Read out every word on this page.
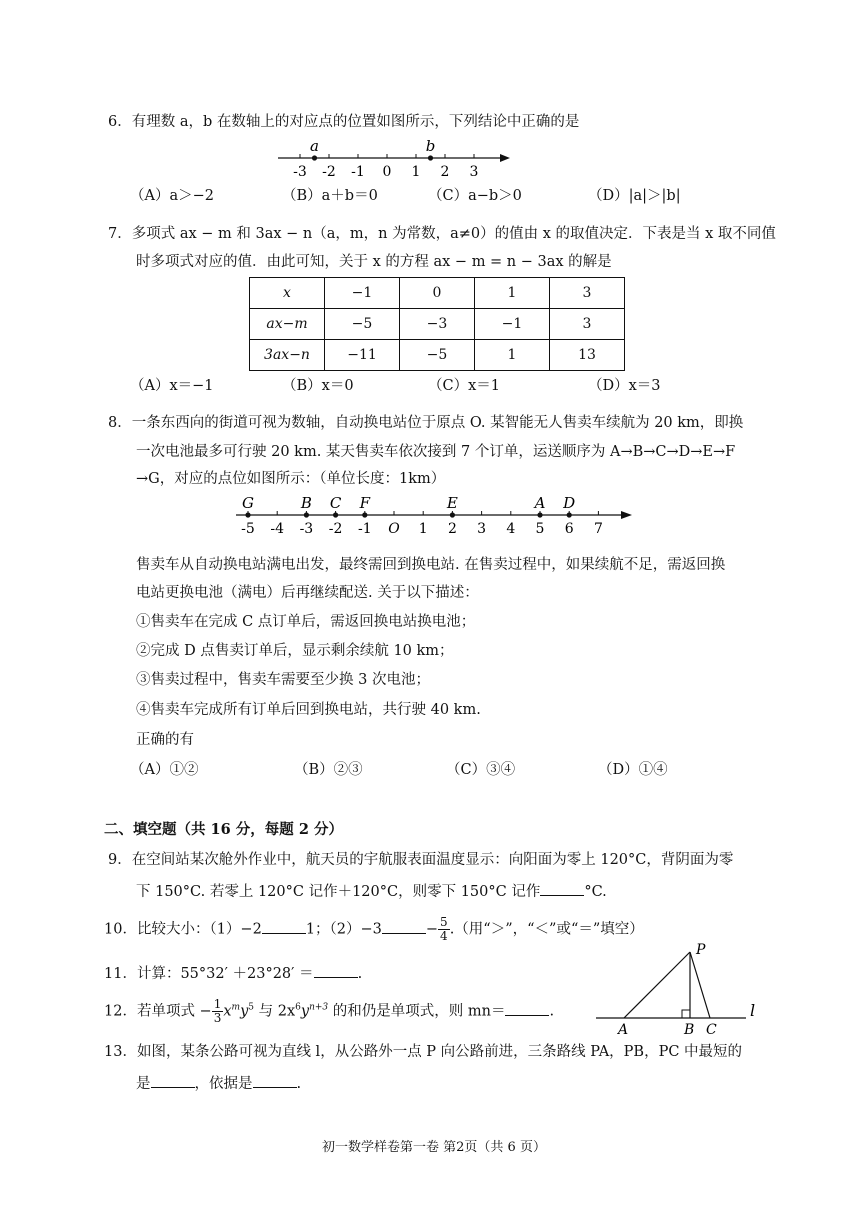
6．有理数 a，b 在数轴上的对应点的位置如图所示，下列结论中正确的是
-3 -2 -1 0 1 2 3
a	b
（A）a＞−2	（B）a＋b＝0	（C）a−b＞0	（D）|a|＞|b|
7．多项式 ax − m 和 3ax − n（a，m，n 为常数，a≠0）的值由 x 的取值决定．下表是当 x 取不同值
时多项式对应的值．由此可知，关于 x 的方程 ax − m = n − 3ax 的解是
x	−1	0	1	3
ax−m	−5	−3	−1	3
3ax−n	−11	−5	1	13
（A）x＝−1	（B）x＝0	（C）x＝1	（D）x＝3
8．一条东西向的街道可视为数轴，自动换电站位于原点 O. 某智能无人售卖车续航为 20 km，即换
一次电池最多可行驶 20 km. 某天售卖车依次接到 7 个订单，运送顺序为 A→B→C→D→E→F
→G，对应的点位如图所示：（单位长度：1km）
-5 -4 -3 -2 -1 O 1 2 3 4 5 6 7
G	B C F	E	A D
售卖车从自动换电站满电出发，最终需回到换电站. 在售卖过程中，如果续航不足，需返回换
电站更换电池（满电）后再继续配送. 关于以下描述：
①售卖车在完成 C 点订单后，需返回换电站换电池；
②完成 D 点售卖订单后，显示剩余续航 10 km；
③售卖过程中，售卖车需要至少换 3 次电池；
④售卖车完成所有订单后回到换电站，共行驶 40 km.
正确的有
（A）①②	（B）②③	（C）③④	（D）①④
二、填空题（共 16 分，每题 2 分）
9．在空间站某次舱外作业中，航天员的宇航服表面温度显示：向阳面为零上 120°C，背阴面为零
下 150°C. 若零上 120°C 记作＋120°C，则零下 150°C 记作	°C.
10．比较大小：（1）−2	1；（2）−3	− $\frac{5}{4}$ .（用“＞”，“＜”或“＝”填空）
11．计算：55°32′ ＋23°28′ ＝	.
12．若单项式 − $\frac{1}{3} x^my^5$ 与 $2x^6y^{n+3}$ 的和仍是单项式，则 mn＝	.
P
A	B C
l
13．如图，某条公路可视为直线 l，从公路外一点 P 向公路前进，三条路线 PA，PB，PC 中最短的
是	，依据是	.
初一数学样卷第一卷 第2页（共 6 页）
